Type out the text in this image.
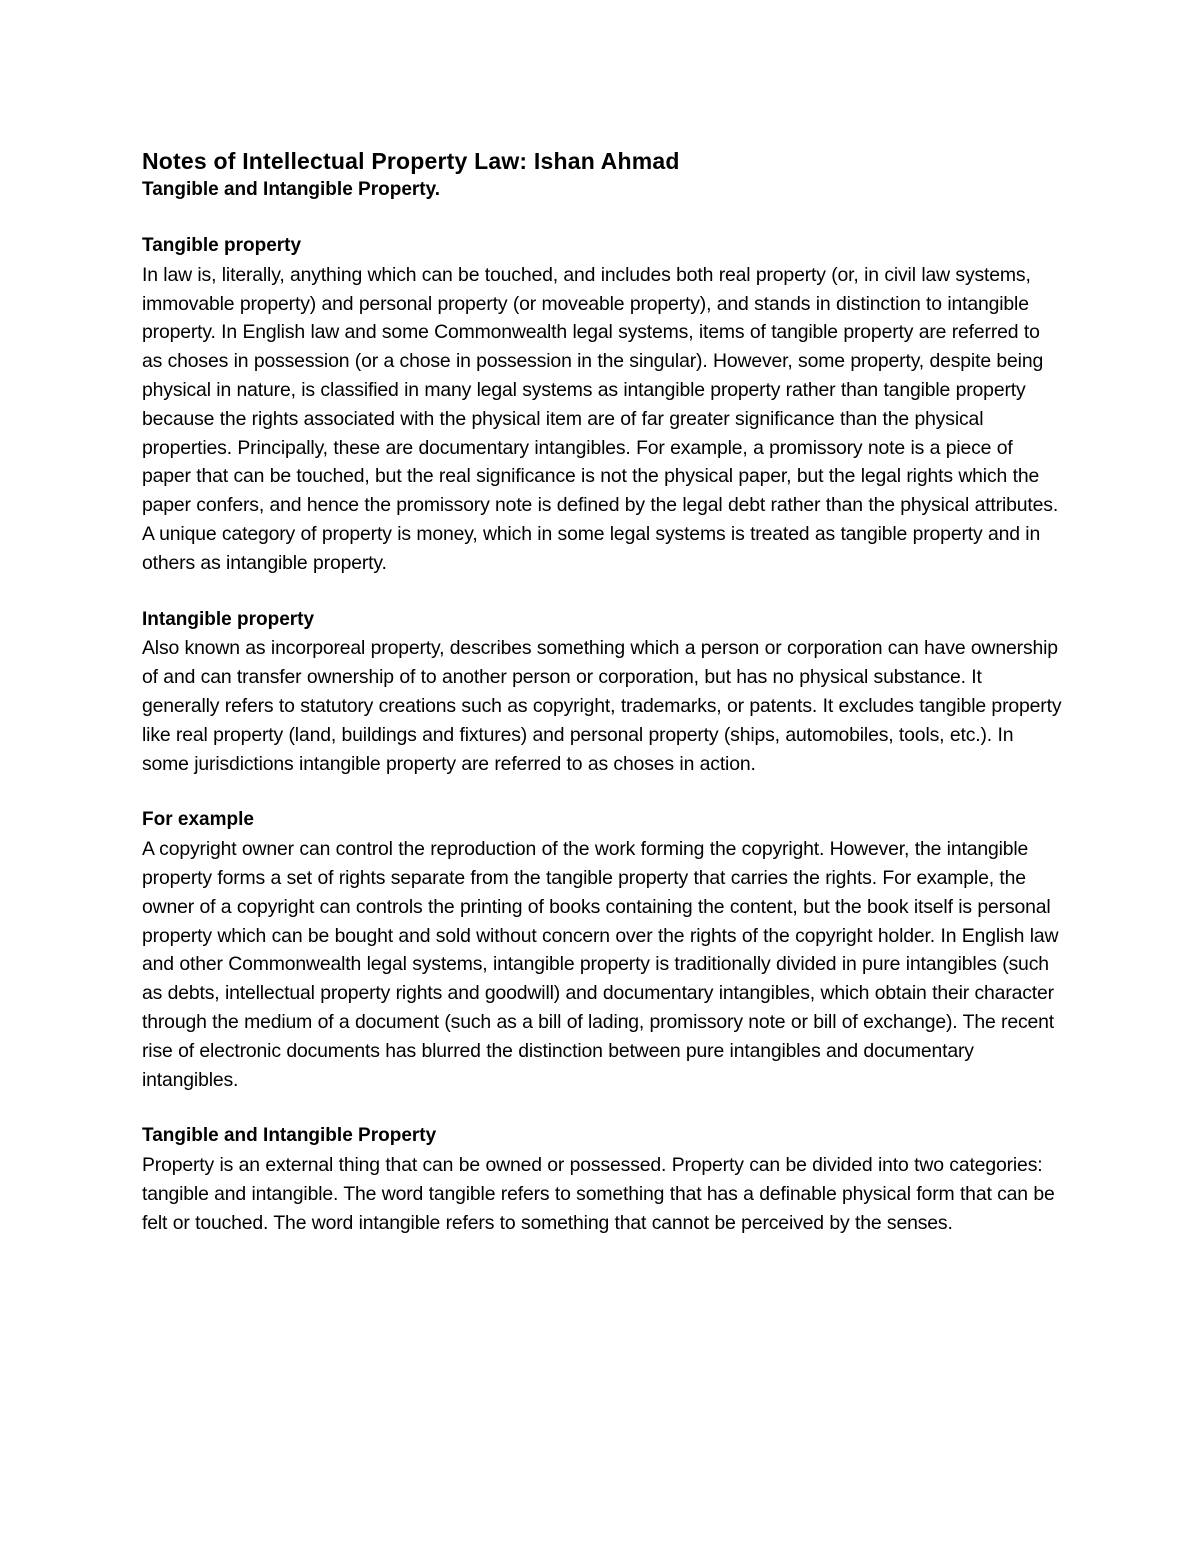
Notes of Intellectual Property Law: Ishan Ahmad

Tangible and Intangible Property.

Tangible property

In law is, literally, anything which can be touched, and includes both real property (or, in civil law systems, immovable property) and personal property (or moveable property), and stands in distinction to intangible property. In English law and some Commonwealth legal systems, items of tangible property are referred to as choses in possession (or a chose in possession in the singular). However, some property, despite being physical in nature, is classified in many legal systems as intangible property rather than tangible property because the rights associated with the physical item are of far greater significance than the physical properties. Principally, these are documentary intangibles. For example, a promissory note is a piece of paper that can be touched, but the real significance is not the physical paper, but the legal rights which the paper confers, and hence the promissory note is defined by the legal debt rather than the physical attributes. A unique category of property is money, which in some legal systems is treated as tangible property and in others as intangible property.

Intangible property

Also known as incorporeal property, describes something which a person or corporation can have ownership of and can transfer ownership of to another person or corporation, but has no physical substance. It generally refers to statutory creations such as copyright, trademarks, or patents. It excludes tangible property like real property (land, buildings and fixtures) and personal property (ships, automobiles, tools, etc.). In some jurisdictions intangible property are referred to as choses in action.

For example

A copyright owner can control the reproduction of the work forming the copyright. However, the intangible property forms a set of rights separate from the tangible property that carries the rights. For example, the owner of a copyright can controls the printing of books containing the content, but the book itself is personal property which can be bought and sold without concern over the rights of the copyright holder. In English law and other Commonwealth legal systems, intangible property is traditionally divided in pure intangibles (such as debts, intellectual property rights and goodwill) and documentary intangibles, which obtain their character through the medium of a document (such as a bill of lading, promissory note or bill of exchange). The recent rise of electronic documents has blurred the distinction between pure intangibles and documentary intangibles.

Tangible and Intangible Property

Property is an external thing that can be owned or possessed. Property can be divided into two categories: tangible and intangible. The word tangible refers to something that has a definable physical form that can be felt or touched. The word intangible refers to something that cannot be perceived by the senses.
